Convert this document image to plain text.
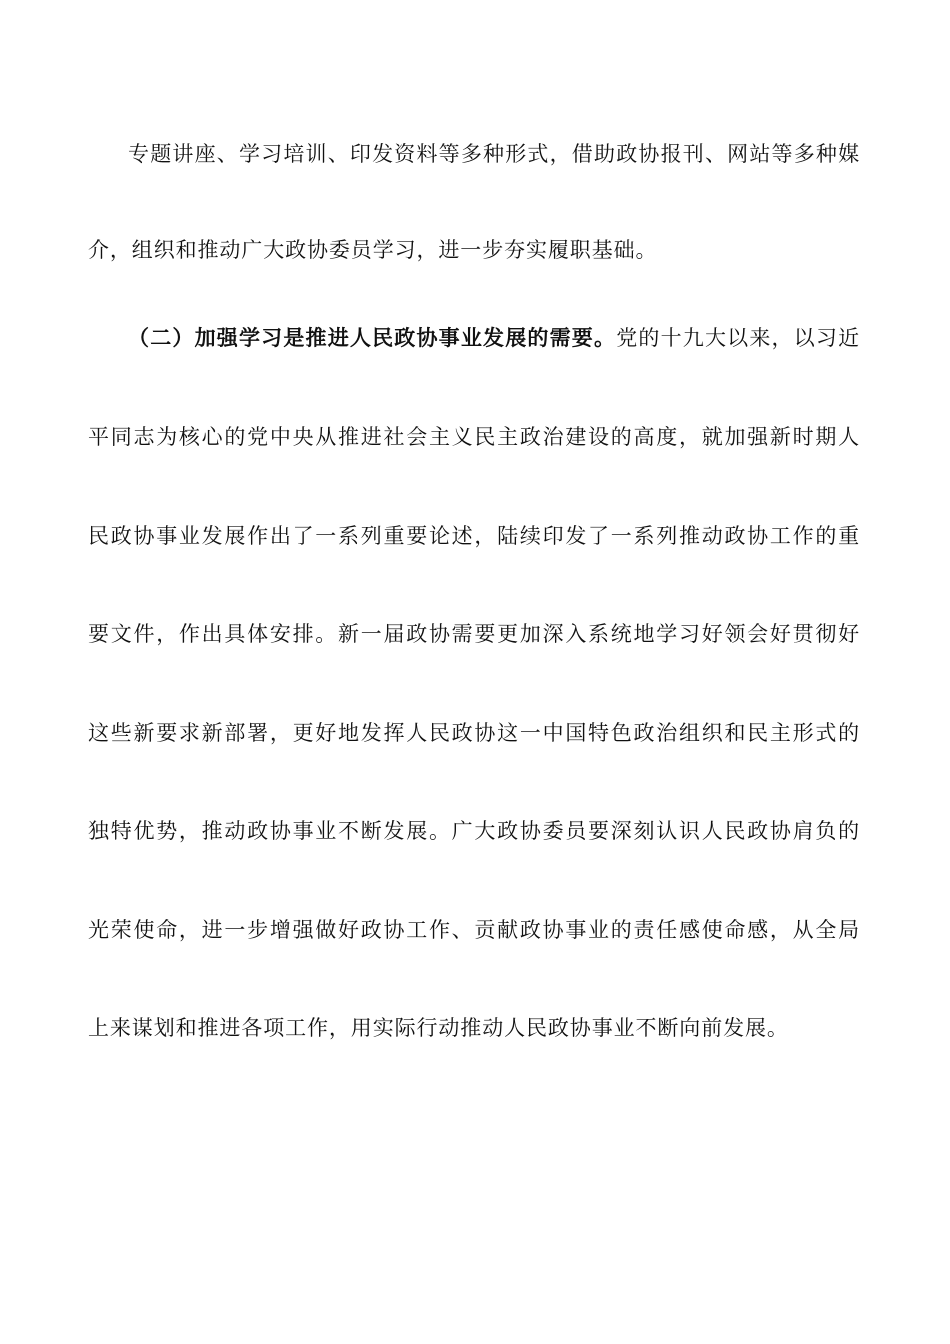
专题讲座、学习培训、印发资料等多种形式，借助政协报刊、网站等多种媒
介，组织和推动广大政协委员学习，进一步夯实履职基础。
（二）加强学习是推进人民政协事业发展的需要。党的十九大以来，以习近
平同志为核心的党中央从推进社会主义民主政治建设的高度，就加强新时期人
民政协事业发展作出了一系列重要论述，陆续印发了一系列推动政协工作的重
要文件，作出具体安排。新一届政协需要更加深入系统地学习好领会好贯彻好
这些新要求新部署，更好地发挥人民政协这一中国特色政治组织和民主形式的
独特优势，推动政协事业不断发展。广大政协委员要深刻认识人民政协肩负的
光荣使命，进一步增强做好政协工作、贡献政协事业的责任感使命感，从全局
上来谋划和推进各项工作，用实际行动推动人民政协事业不断向前发展。
